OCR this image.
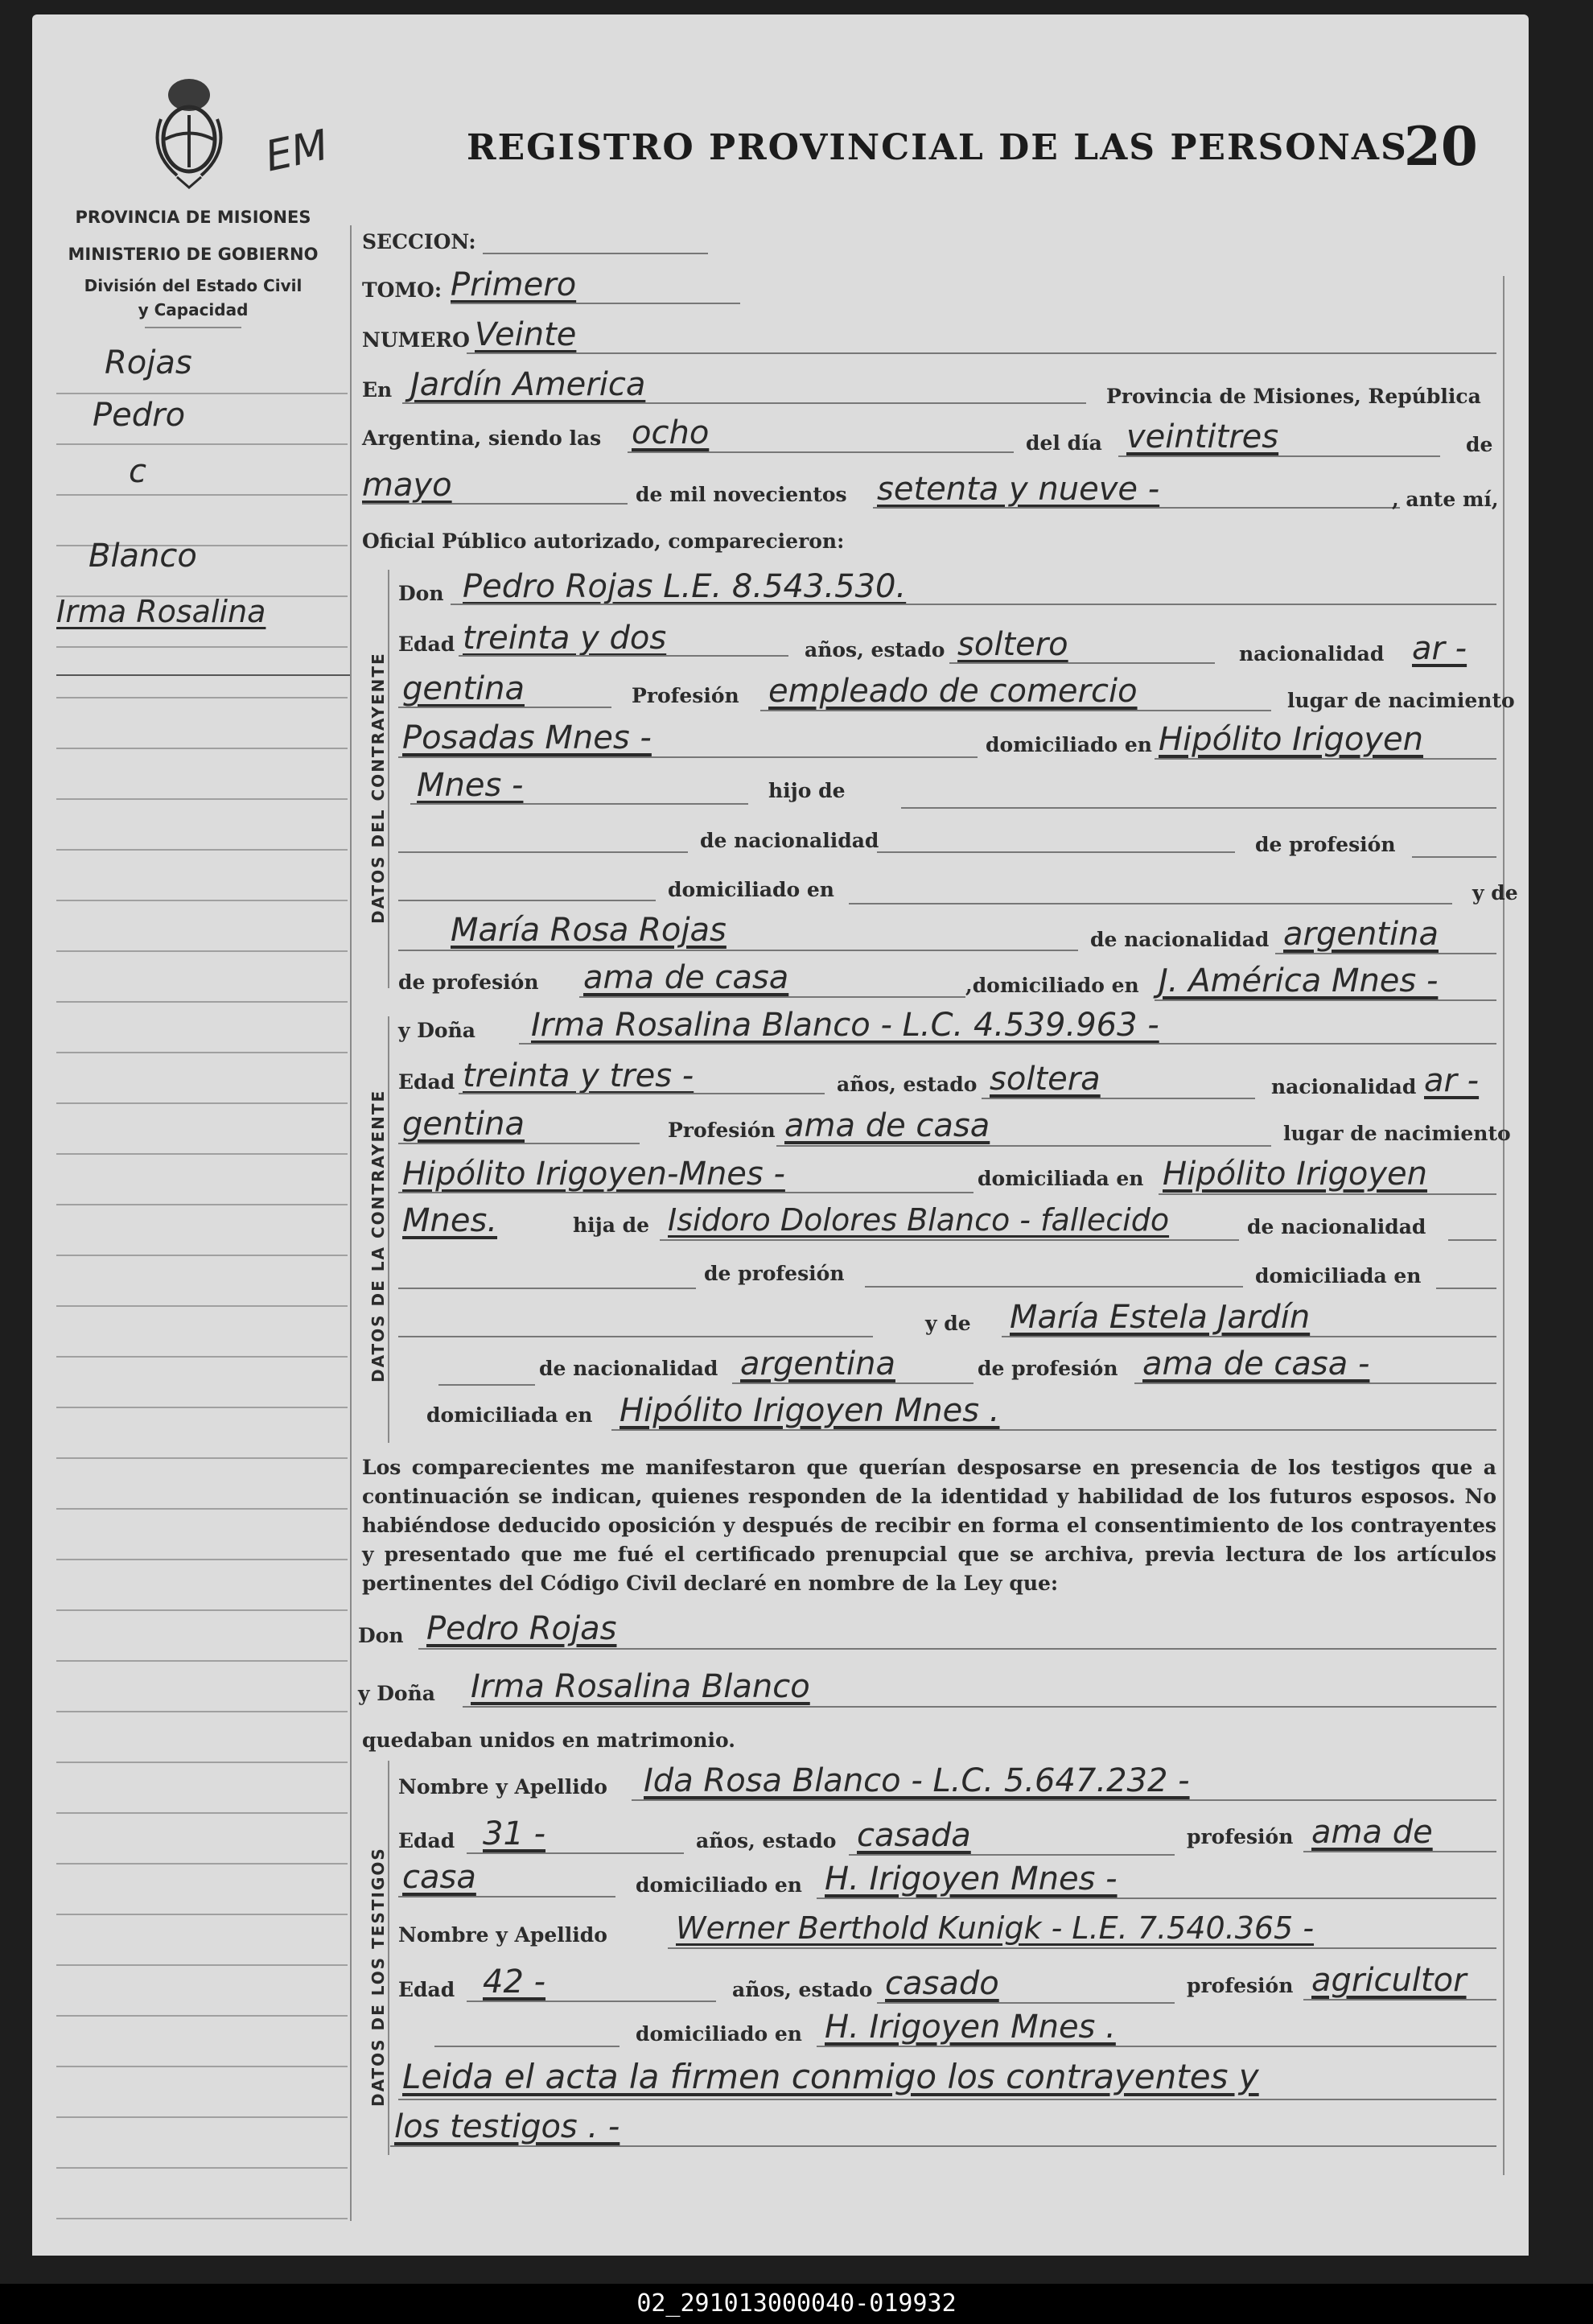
EM	REGISTRO PROVINCIAL DE LAS PERSONAS
20
PROVINCIA DE MISIONES
MINISTERIO DE GOBIERNO
División del Estado Civil
y Capacidad
Rojas
Pedro
c
Blanco
Irma Rosalina
SECCION:
TOMO: Primero
NUMERO Veinte
En Jardín America	Provincia de Misiones, República
Argentina, siendo las ocho	del día veintitres	de
mayo	de mil novecientos setenta y nueve -	, ante mí,
Oficial Público autorizado, comparecieron:
DATOS DEL CONTRAYENTE
Don Pedro Rojas L.E. 8.543.530.
Edad treinta y dos	años, estado soltero	nacionalidad ar -
gentina	Profesión empleado de comercio	lugar de nacimiento
Posadas Mnes -	domiciliado en Hipólito Irigoyen
Mnes -	hijo de
de nacionalidad	de profesión
domiciliado en	y de
María Rosa Rojas	de nacionalidad argentina
de profesión ama de casa	,domiciliado en J. América Mnes -
DATOS DE LA CONTRAYENTE
y Doña Irma Rosalina Blanco - L.C. 4.539.963 -
Edad treinta y tres -	años, estado soltera	nacionalidad ar -
gentina	Profesión ama de casa	lugar de nacimiento
Hipólito Irigoyen-Mnes -	domiciliada en Hipólito Irigoyen
Mnes.	hija de Isidoro Dolores Blanco - fallecido	de nacionalidad
de profesión	domiciliada en
y de María Estela Jardín
de nacionalidad argentina	de profesión ama de casa -
domiciliada en Hipólito Irigoyen Mnes .
Los comparecientes me manifestaron que querían desposarse en presencia de los testigos que a continuación se indican, quienes responden de la identidad y habilidad de los futuros esposos. No habiéndose deducido oposición y después de recibir en forma el consentimiento de los contrayentes y presentado que me fué el certificado prenupcial que se archiva, previa lectura de los artículos pertinentes del Código Civil declaré en nombre de la Ley que:
Don Pedro Rojas
y Doña Irma Rosalina Blanco
quedaban unidos en matrimonio.
DATOS DE LOS TESTIGOS
Nombre y Apellido Ida Rosa Blanco - L.C. 5.647.232 -
Edad 31 -	años, estado casada	profesión ama de
casa	domiciliado en H. Irigoyen Mnes -
Nombre y Apellido Werner Berthold Kunigk - L.E. 7.540.365 -
Edad 42 -	años, estado casado	profesión agricultor
domiciliado en H. Irigoyen Mnes .
Leida el acta la firmen conmigo los contrayentes y
los testigos . -
02_291013000040-019932
